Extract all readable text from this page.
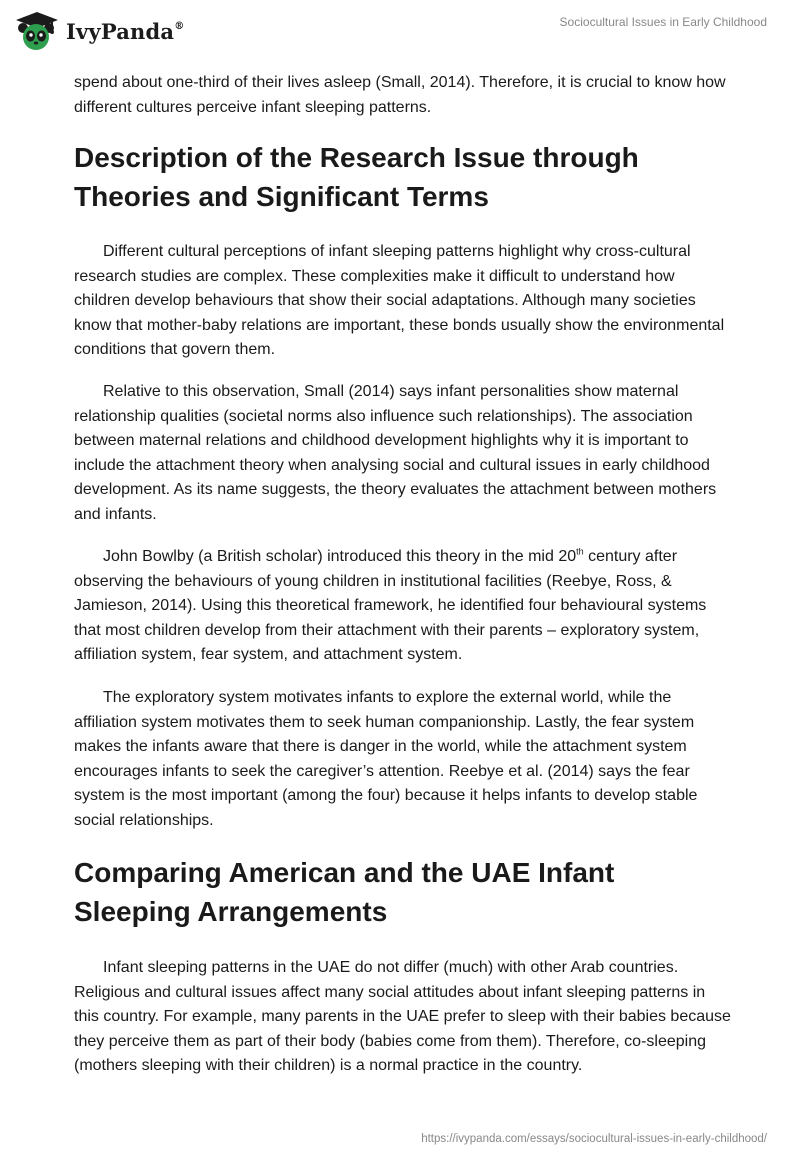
IvyPanda®	Sociocultural Issues in Early Childhood

spend about one-third of their lives asleep (Small, 2014). Therefore, it is crucial to know how different cultures perceive infant sleeping patterns.

Description of the Research Issue through Theories and Significant Terms

Different cultural perceptions of infant sleeping patterns highlight why cross-cultural research studies are complex. These complexities make it difficult to understand how children develop behaviours that show their social adaptations. Although many societies know that mother-baby relations are important, these bonds usually show the environmental conditions that govern them.

Relative to this observation, Small (2014) says infant personalities show maternal relationship qualities (societal norms also influence such relationships). The association between maternal relations and childhood development highlights why it is important to include the attachment theory when analysing social and cultural issues in early childhood development. As its name suggests, the theory evaluates the attachment between mothers and infants.

John Bowlby (a British scholar) introduced this theory in the mid 20th century after observing the behaviours of young children in institutional facilities (Reebye, Ross, & Jamieson, 2014). Using this theoretical framework, he identified four behavioural systems that most children develop from their attachment with their parents – exploratory system, affiliation system, fear system, and attachment system.

The exploratory system motivates infants to explore the external world, while the affiliation system motivates them to seek human companionship. Lastly, the fear system makes the infants aware that there is danger in the world, while the attachment system encourages infants to seek the caregiver’s attention. Reebye et al. (2014) says the fear system is the most important (among the four) because it helps infants to develop stable social relationships.

Comparing American and the UAE Infant Sleeping Arrangements

Infant sleeping patterns in the UAE do not differ (much) with other Arab countries. Religious and cultural issues affect many social attitudes about infant sleeping patterns in this country. For example, many parents in the UAE prefer to sleep with their babies because they perceive them as part of their body (babies come from them). Therefore, co-sleeping (mothers sleeping with their children) is a normal practice in the country.

https://ivypanda.com/essays/sociocultural-issues-in-early-childhood/
